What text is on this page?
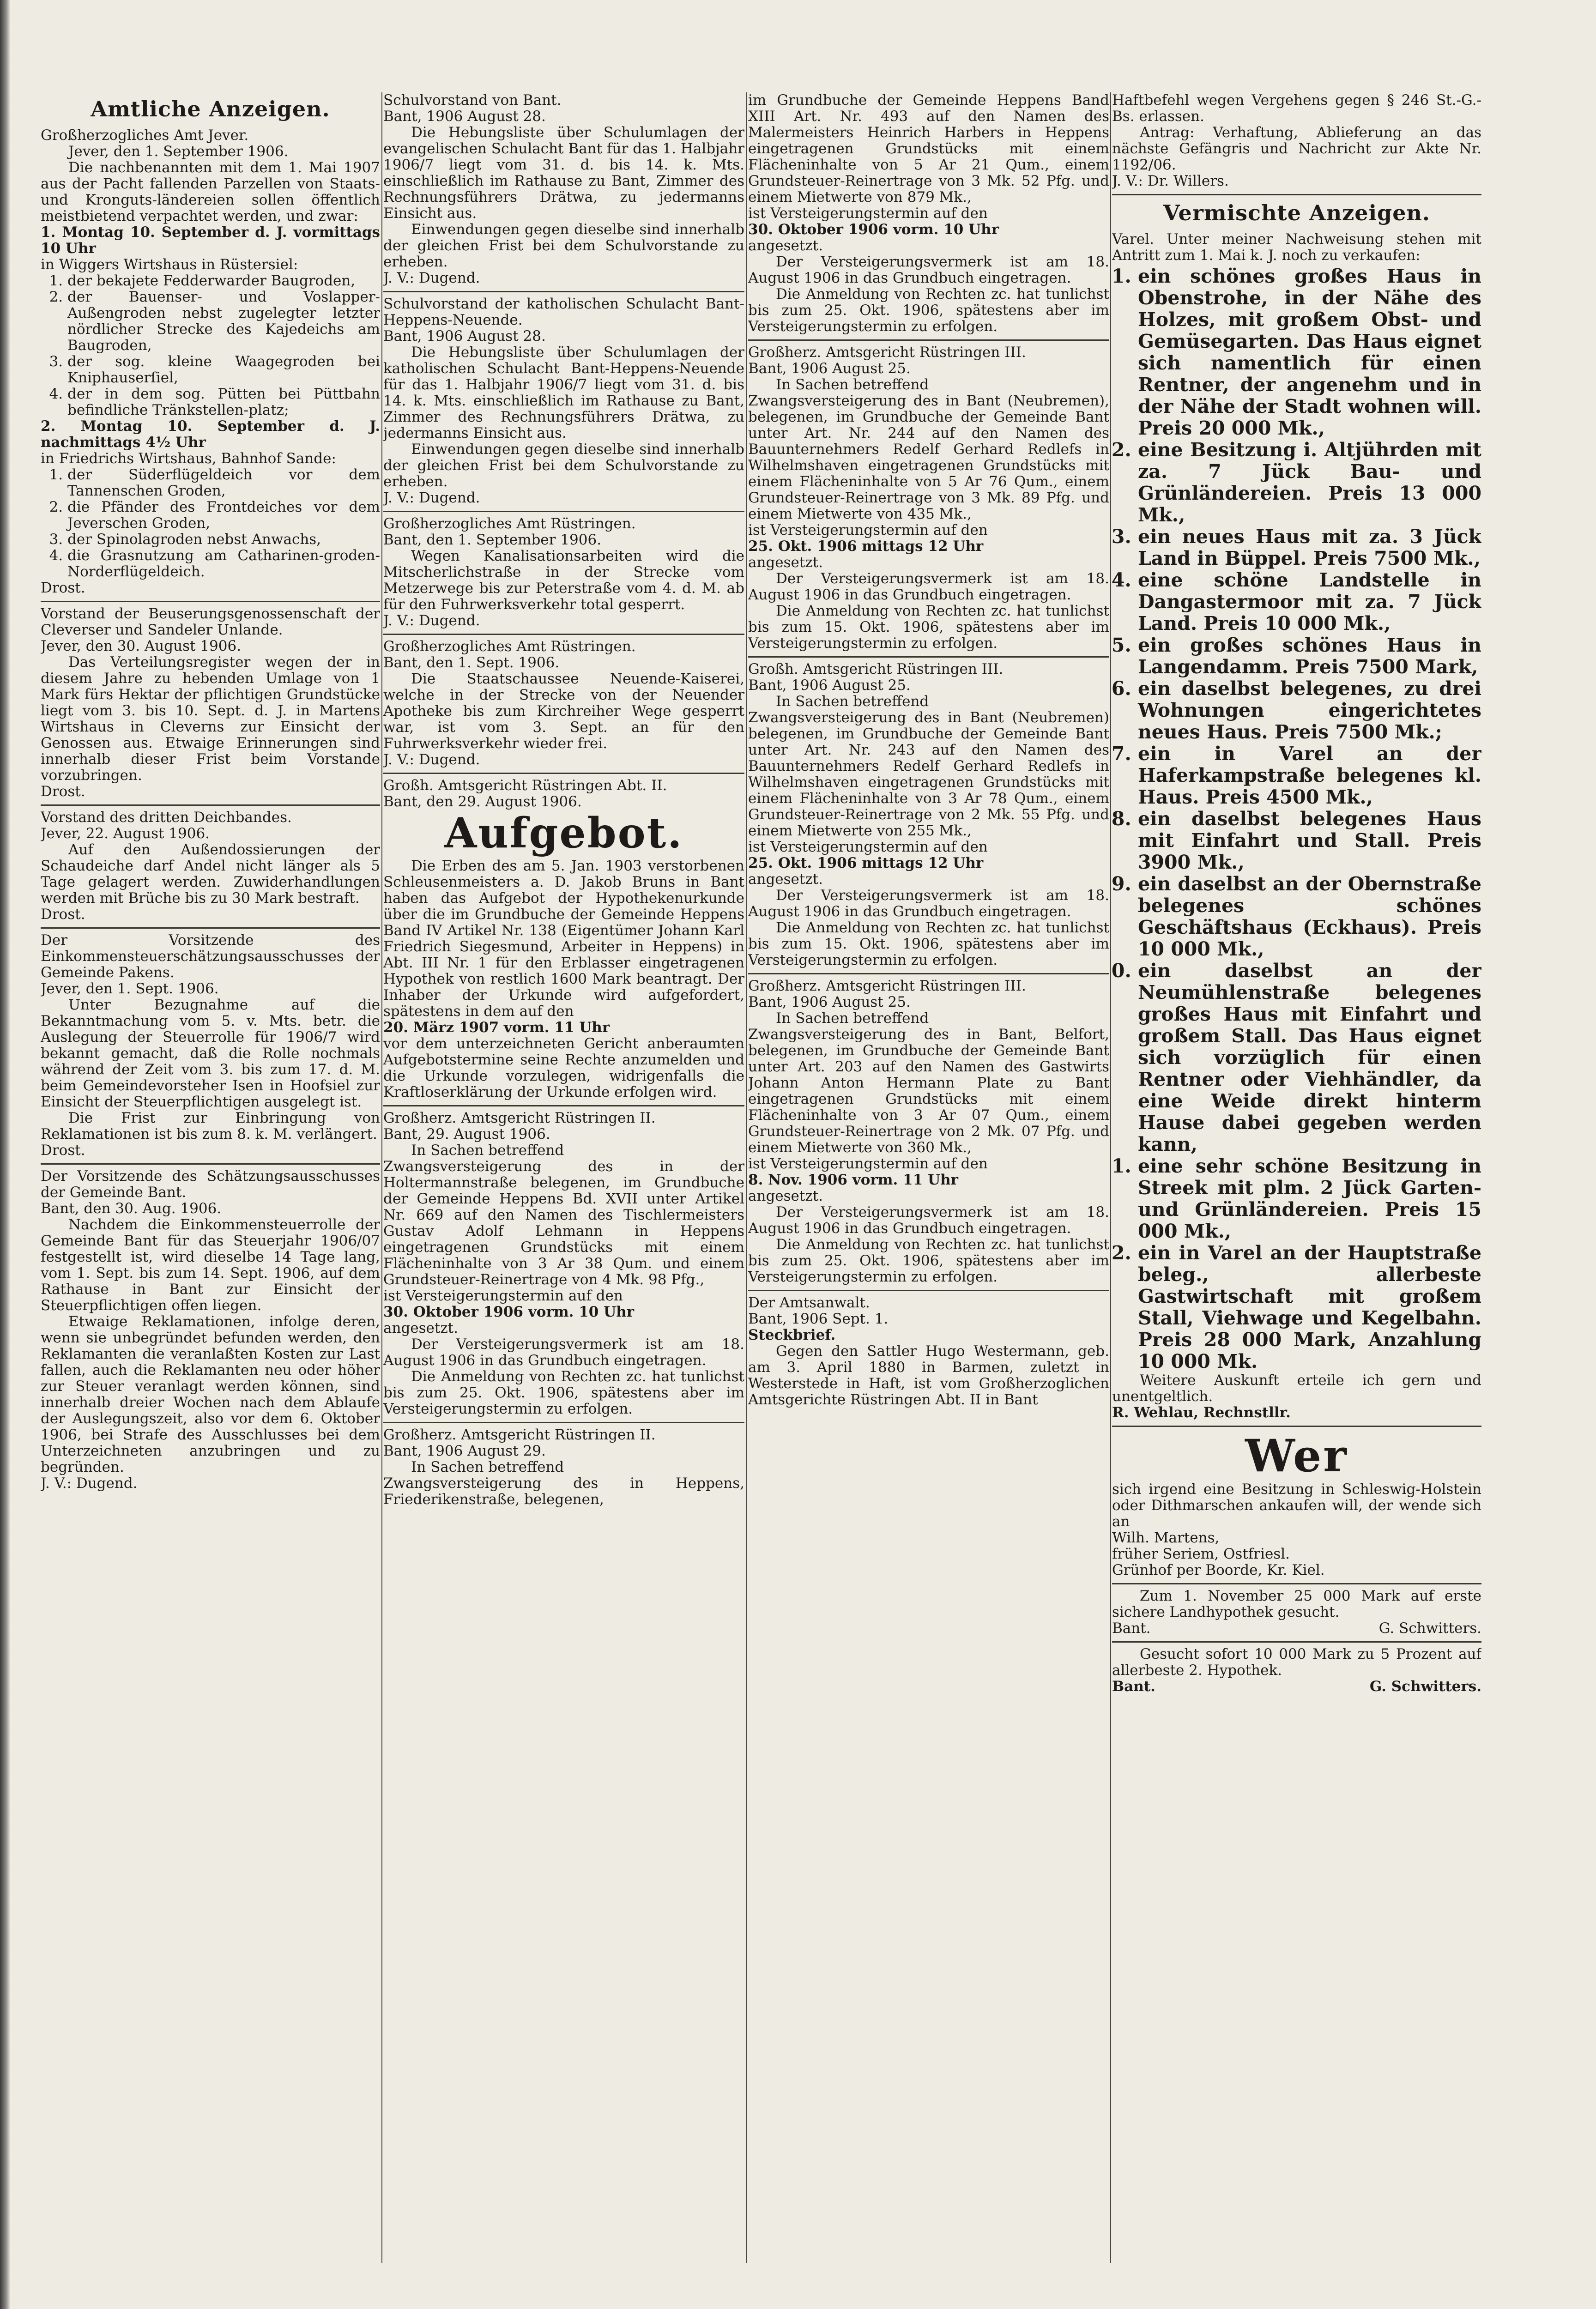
Amtliche Anzeigen.

Großherzogliches Amt Jever.

Jever, den 1. September 1906.

Die nachbenannten mit dem 1. Mai 1907 aus der Pacht fallenden Parzellen von Staats- und Kronguts-ländereien sollen öffentlich meistbietend verpachtet werden, und zwar:

1. Montag 10. September d. J. vormittags 10 Uhr

in Wiggers Wirtshaus in Rüstersiel:

1. der bekajete Fedderwarder Baugroden,
2. der Bauenser- und Voslapper-Außengroden nebst zugelegter letzter nördlicher Strecke des Kajedeichs am Baugroden,
3. der sog. kleine Waagegroden bei Kniphauserſiel,
4. der in dem sog. Pütten bei Püttbahn befindliche Tränkstellen-platz;

2. Montag 10. September d. J. nachmittags 4½ Uhr

in Friedrichs Wirtshaus, Bahnhof Sande:

1. der Süderflügeldeich vor dem Tannenschen Groden,
2. die Pfänder des Frontdeiches vor dem Jeverschen Groden,
3. der Spinolagroden nebst Anwachs,
4. die Grasnutzung am Catharinen-groden-Norderflügeldeich.

Drost.

Vorstand der Beuserungsgenossenschaft der Cleverser und Sandeler Unlande.

Jever, den 30. August 1906.

Das Verteilungsregister wegen der in diesem Jahre zu hebenden Umlage von 1 Mark fürs Hektar der pflichtigen Grundstücke liegt vom 3. bis 10. Sept. d. J. in Martens Wirtshaus in Cleverns zur Einsicht der Genossen aus. Etwaige Erinnerungen sind innerhalb dieser Frist beim Vorstande vorzubringen.

Drost.

Vorstand des dritten Deichbandes.

Jever, 22. August 1906.

Auf den Außendossierungen der Schaudeiche darf Andel nicht länger als 5 Tage gelagert werden. Zuwiderhandlungen werden mit Brüche bis zu 30 Mark bestraft.

Drost.

Der Vorsitzende des Einkommensteuerschätzungsausschusses der Gemeinde Pakens.

Jever, den 1. Sept. 1906.

Unter Bezugnahme auf die Bekanntmachung vom 5. v. Mts. betr. die Auslegung der Steuerrolle für 1906/7 wird bekannt gemacht, daß die Rolle nochmals während der Zeit vom 3. bis zum 17. d. M. beim Gemeindevorsteher Isen in Hoofsiel zur Einsicht der Steuerpflichtigen ausgelegt ist.

Die Frist zur Einbringung von Reklamationen ist bis zum 8. k. M. verlängert.

Drost.

Der Vorsitzende des Schätzungsausschusses der Gemeinde Bant.

Bant, den 30. Aug. 1906.

Nachdem die Einkommensteuerrolle der Gemeinde Bant für das Steuerjahr 1906/07 festgestellt ist, wird dieselbe 14 Tage lang, vom 1. Sept. bis zum 14. Sept. 1906, auf dem Rathause in Bant zur Einsicht der Steuerpflichtigen offen liegen.

Etwaige Reklamationen, infolge deren, wenn sie unbegründet befunden werden, den Reklamanten die veranlaßten Kosten zur Last fallen, auch die Reklamanten neu oder höher zur Steuer veranlagt werden können, sind innerhalb dreier Wochen nach dem Ablaufe der Auslegungszeit, also vor dem 6. Oktober 1906, bei Strafe des Ausschlusses bei dem Unterzeichneten anzubringen und zu begründen.

J. V.: Dugend.

Schulvorstand von Bant.

Bant, 1906 August 28.

Die Hebungsliste über Schulumlagen der evangelischen Schulacht Bant für das 1. Halbjahr 1906/7 liegt vom 31. d. bis 14. k. Mts. einschließlich im Rathause zu Bant, Zimmer des Rechnungsführers Drätwa, zu jedermanns Einsicht aus.

Einwendungen gegen dieselbe sind innerhalb der gleichen Frist bei dem Schulvorstande zu erheben.

J. V.: Dugend.

Schulvorstand der katholischen Schulacht Bant-Heppens-Neuende.

Bant, 1906 August 28.

Die Hebungsliste über Schulumlagen der katholischen Schulacht Bant-Heppens-Neuende für das 1. Halbjahr 1906/7 liegt vom 31. d. bis 14. k. Mts. einschließlich im Rathause zu Bant, Zimmer des Rechnungsführers Drätwa, zu jedermanns Einsicht aus.

Einwendungen gegen dieselbe sind innerhalb der gleichen Frist bei dem Schulvorstande zu erheben.

J. V.: Dugend.

Großherzogliches Amt Rüstringen.

Bant, den 1. September 1906.

Wegen Kanalisationsarbeiten wird die Mitscherlichstraße in der Strecke vom Metzerwege bis zur Peterstraße vom 4. d. M. ab für den Fuhrwerksverkehr total gesperrt.

J. V.: Dugend.

Großherzogliches Amt Rüstringen.

Bant, den 1. Sept. 1906.

Die Staatschaussee Neuende-Kaiserei, welche in der Strecke von der Neuender Apotheke bis zum Kirchreiher Wege gesperrt war, ist vom 3. Sept. an für den Fuhrwerksverkehr wieder frei.

J. V.: Dugend.

Großh. Amtsgericht Rüstringen Abt. II.

Bant, den 29. August 1906.

Aufgebot.

Die Erben des am 5. Jan. 1903 verstorbenen Schleusenmeisters a. D. Jakob Bruns in Bant haben das Aufgebot der Hypothekenurkunde über die im Grundbuche der Gemeinde Heppens Band IV Artikel Nr. 138 (Eigentümer Johann Karl Friedrich Siegesmund, Arbeiter in Heppens) in Abt. III Nr. 1 für den Erblasser eingetragenen Hypothek von restlich 1600 Mark beantragt. Der Inhaber der Urkunde wird aufgefordert, spätestens in dem auf den

20. März 1907 vorm. 11 Uhr

vor dem unterzeichneten Gericht anberaumten Aufgebotstermine seine Rechte anzumelden und die Urkunde vorzulegen, widrigenfalls die Kraftloserklärung der Urkunde erfolgen wird.

Großherz. Amtsgericht Rüstringen II.

Bant, 29. August 1906.

In Sachen betreffend

Zwangsversteigerung des in der Holtermannstraße belegenen, im Grundbuche der Gemeinde Heppens Bd. XVII unter Artikel Nr. 669 auf den Namen des Tischlermeisters Gustav Adolf Lehmann in Heppens eingetragenen Grundstücks mit einem Flächeninhalte von 3 Ar 38 Qum. und einem Grundsteuer-Reinertrage von 4 Mk. 98 Pfg.,

ist Versteigerungstermin auf den

30. Oktober 1906 vorm. 10 Uhr

angesetzt.

Der Versteigerungsvermerk ist am 18. August 1906 in das Grundbuch eingetragen.

Die Anmeldung von Rechten zc. hat tunlichst bis zum 25. Okt. 1906, spätestens aber im Versteigerungstermin zu erfolgen.

Großherz. Amtsgericht Rüstringen II.

Bant, 1906 August 29.

In Sachen betreffend

Zwangsversteigerung des in Heppens, Friederikenstraße, belegenen,

im Grundbuche der Gemeinde Heppens Band XIII Art. Nr. 493 auf den Namen des Malermeisters Heinrich Harbers in Heppens eingetragenen Grundstücks mit einem Flächeninhalte von 5 Ar 21 Qum., einem Grundsteuer-Reinertrage von 3 Mk. 52 Pfg. und einem Mietwerte von 879 Mk.,

ist Versteigerungstermin auf den

30. Oktober 1906 vorm. 10 Uhr

angesetzt.

Der Versteigerungsvermerk ist am 18. August 1906 in das Grundbuch eingetragen.

Die Anmeldung von Rechten zc. hat tunlichst bis zum 25. Okt. 1906, spätestens aber im Versteigerungstermin zu erfolgen.

Großherz. Amtsgericht Rüstringen III.

Bant, 1906 August 25.

In Sachen betreffend

Zwangsversteigerung des in Bant (Neubremen), belegenen, im Grundbuche der Gemeinde Bant unter Art. Nr. 244 auf den Namen des Bauunternehmers Redelf Gerhard Redlefs in Wilhelmshaven eingetragenen Grundstücks mit einem Flächeninhalte von 5 Ar 76 Qum., einem Grundsteuer-Reinertrage von 3 Mk. 89 Pfg. und einem Mietwerte von 435 Mk.,

ist Versteigerungstermin auf den

25. Okt. 1906 mittags 12 Uhr

angesetzt.

Der Versteigerungsvermerk ist am 18. August 1906 in das Grundbuch eingetragen.

Die Anmeldung von Rechten zc. hat tunlichst bis zum 15. Okt. 1906, spätestens aber im Versteigerungstermin zu erfolgen.

Großh. Amtsgericht Rüstringen III.

Bant, 1906 August 25.

In Sachen betreffend

Zwangsversteigerung des in Bant (Neubremen) belegenen, im Grundbuche der Gemeinde Bant unter Art. Nr. 243 auf den Namen des Bauunternehmers Redelf Gerhard Redlefs in Wilhelmshaven eingetragenen Grundstücks mit einem Flächeninhalte von 3 Ar 78 Qum., einem Grundsteuer-Reinertrage von 2 Mk. 55 Pfg. und einem Mietwerte von 255 Mk.,

ist Versteigerungstermin auf den

25. Okt. 1906 mittags 12 Uhr

angesetzt.

Der Versteigerungsvermerk ist am 18. August 1906 in das Grundbuch eingetragen.

Die Anmeldung von Rechten zc. hat tunlichst bis zum 15. Okt. 1906, spätestens aber im Versteigerungstermin zu erfolgen.

Großherz. Amtsgericht Rüstringen III.

Bant, 1906 August 25.

In Sachen betreffend

Zwangsversteigerung des in Bant, Belfort, belegenen, im Grundbuche der Gemeinde Bant unter Art. 203 auf den Namen des Gastwirts Johann Anton Hermann Plate zu Bant eingetragenen Grundstücks mit einem Flächeninhalte von 3 Ar 07 Qum., einem Grundsteuer-Reinertrage von 2 Mk. 07 Pfg. und einem Mietwerte von 360 Mk.,

ist Versteigerungstermin auf den

8. Nov. 1906 vorm. 11 Uhr

angesetzt.

Der Versteigerungsvermerk ist am 18. August 1906 in das Grundbuch eingetragen.

Die Anmeldung von Rechten zc. hat tunlichst bis zum 25. Okt. 1906, spätestens aber im Versteigerungstermin zu erfolgen.

Der Amtsanwalt.

Bant, 1906 Sept. 1.

Steckbrief.

Gegen den Sattler Hugo Westermann, geb. am 3. April 1880 in Barmen, zuletzt in Westerstede in Haft, ist vom Großherzoglichen Amtsgerichte Rüstringen Abt. II in Bant

Haftbefehl wegen Vergehens gegen § 246 St.-G.-Bs. erlassen.

Antrag: Verhaftung, Ablieferung an das nächste Gefängris und Nachricht zur Akte Nr. 1192/06.

J. V.: Dr. Willers.

Vermischte Anzeigen.

Varel. Unter meiner Nachweisung stehen mit Antritt zum 1. Mai k. J. noch zu verkaufen:

1. ein schönes großes Haus in Obenstrohe, in der Nähe des Holzes, mit großem Obst- und Gemüsegarten. Das Haus eignet sich namentlich für einen Rentner, der angenehm und in der Nähe der Stadt wohnen will. Preis 20 000 Mk.,
2. eine Besitzung i. Altjührden mit za. 7 Jück Bau- und Grünländereien. Preis 13 000 Mk.,
3. ein neues Haus mit za. 3 Jück Land in Büppel. Preis 7500 Mk.,
4. eine schöne Landstelle in Dangastermoor mit za. 7 Jück Land. Preis 10 000 Mk.,
5. ein großes schönes Haus in Langendamm. Preis 7500 Mark,
6. ein daselbst belegenes, zu drei Wohnungen eingerichtetes neues Haus. Preis 7500 Mk.;
7. ein in Varel an der Haferkampstraße belegenes kl. Haus. Preis 4500 Mk.,
8. ein daselbst belegenes Haus mit Einfahrt und Stall. Preis 3900 Mk.,
9. ein daselbst an der Obernstraße belegenes schönes Geschäftshaus (Eckhaus). Preis 10 000 Mk.,
10. ein daselbst an der Neumühlenstraße belegenes großes Haus mit Einfahrt und großem Stall. Das Haus eignet sich vorzüglich für einen Rentner oder Viehhändler, da eine Weide direkt hinterm Hause dabei gegeben werden kann,
11. eine sehr schöne Besitzung in Streek mit plm. 2 Jück Garten- und Grünländereien. Preis 15 000 Mk.,
12. ein in Varel an der Hauptstraße beleg., allerbeste Gastwirtschaft mit großem Stall, Viehwage und Kegelbahn. Preis 28 000 Mark, Anzahlung 10 000 Mk.

Weitere Auskunft erteile ich gern und unentgeltlich.

R. Wehlau, Rechnstllr.

Wer

sich irgend eine Besitzung in Schleswig-Holstein oder Dithmarschen ankaufen will, der wende sich an

Wilh. Martens,

früher Seriem, Ostfriesl.

Grünhof per Boorde, Kr. Kiel.

Zum 1. November 25 000 Mark auf erste sichere Landhypothek gesucht.

Bant.	G. Schwitters.

Gesucht sofort 10 000 Mark zu 5 Prozent auf allerbeste 2. Hypothek.

Bant.	G. Schwitters.
